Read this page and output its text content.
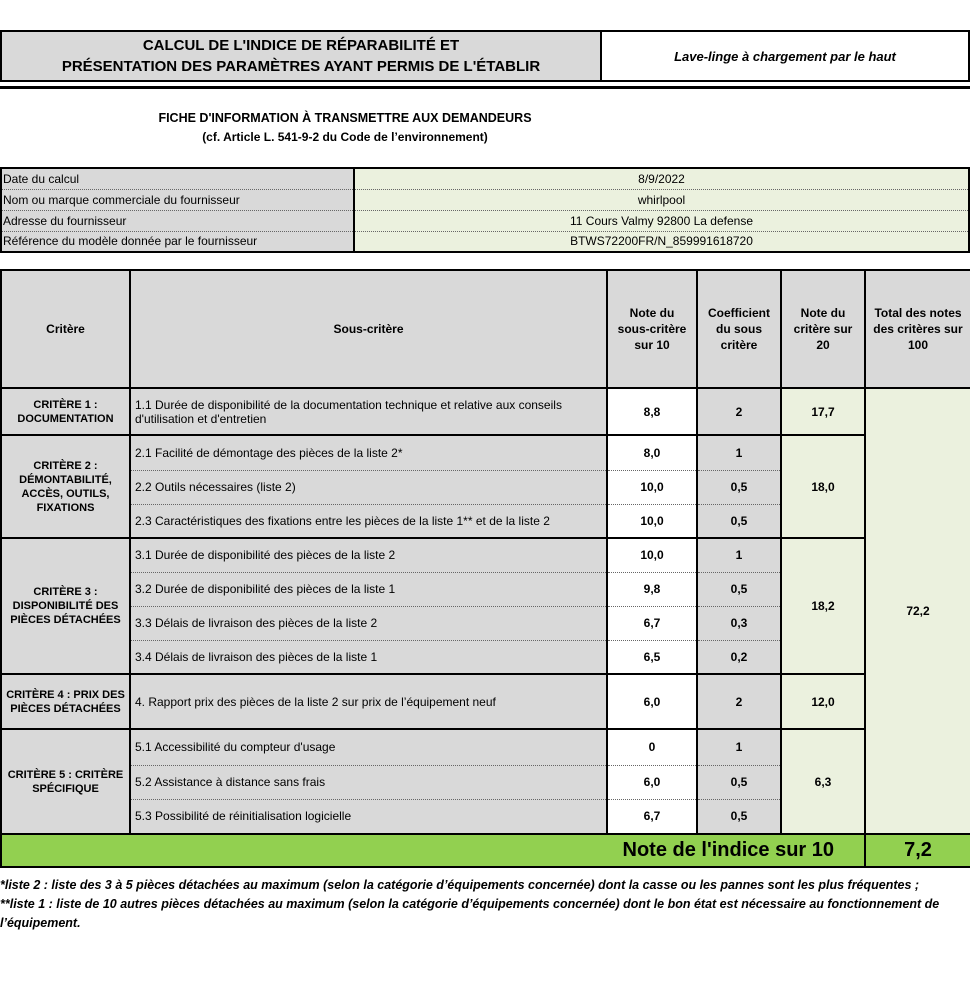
CALCUL DE L'INDICE DE RÉPARABILITÉ ET
PRÉSENTATION DES PARAMÈTRES AYANT PERMIS DE L'ÉTABLIR
Lave-linge à chargement par le haut
FICHE D'INFORMATION À TRANSMETTRE AUX DEMANDEURS
(cf. Article L. 541-9-2 du Code de l’environnement)
Date du calcul	8/9/2022
Nom ou marque commerciale du fournisseur	whirlpool
Adresse du fournisseur	11 Cours Valmy 92800 La defense
Référence du modèle donnée par le fournisseur	BTWS72200FR/N_859991618720
Critère	Sous-critère	Note du sous-critère sur 10	Coefficient du sous critère	Note du critère sur 20	Total des notes des critères sur 100
CRITÈRE 1 : DOCUMENTATION	1.1 Durée de disponibilité de la documentation technique et relative aux conseils d'utilisation et d'entretien	8,8	2	17,7	72,2
CRITÈRE 2 : DÉMONTABILITÉ, ACCÈS, OUTILS, FIXATIONS	2.1 Facilité de démontage des pièces de la liste 2*	8,0	1	18,0	
	2.2 Outils nécessaires (liste 2)	10,0	0,5		
	2.3 Caractéristiques des fixations entre les pièces de la liste 1** et de la liste 2	10,0	0,5		
CRITÈRE 3 : DISPONIBILITÉ DES PIÈCES DÉTACHÉES	3.1 Durée de disponibilité des pièces de la liste 2	10,0	1	18,2	
	3.2 Durée de disponibilité des pièces de la liste 1	9,8	0,5		
	3.3 Délais de livraison des pièces de la liste 2	6,7	0,3		
	3.4 Délais de livraison des pièces de la liste 1	6,5	0,2		
CRITÈRE 4 : PRIX DES PIÈCES DÉTACHÉES	4. Rapport prix des pièces de la liste 2 sur prix de l’équipement neuf	6,0	2	12,0	
CRITÈRE 5 : CRITÈRE SPÉCIFIQUE	5.1 Accessibilité du compteur d'usage	0	1	6,3	
	5.2 Assistance à distance sans frais	6,0	0,5		
	5.3 Possibilité de réinitialisation logicielle	6,7	0,5		
Note de l'indice sur 10					7,2
*liste 2 : liste des 3 à 5 pièces détachées au maximum (selon la catégorie d’équipements concernée) dont la casse ou les pannes sont les plus fréquentes ;
**liste 1 : liste de 10 autres pièces détachées au maximum (selon la catégorie d’équipements concernée) dont le bon état est nécessaire au fonctionnement de l’équipement.
